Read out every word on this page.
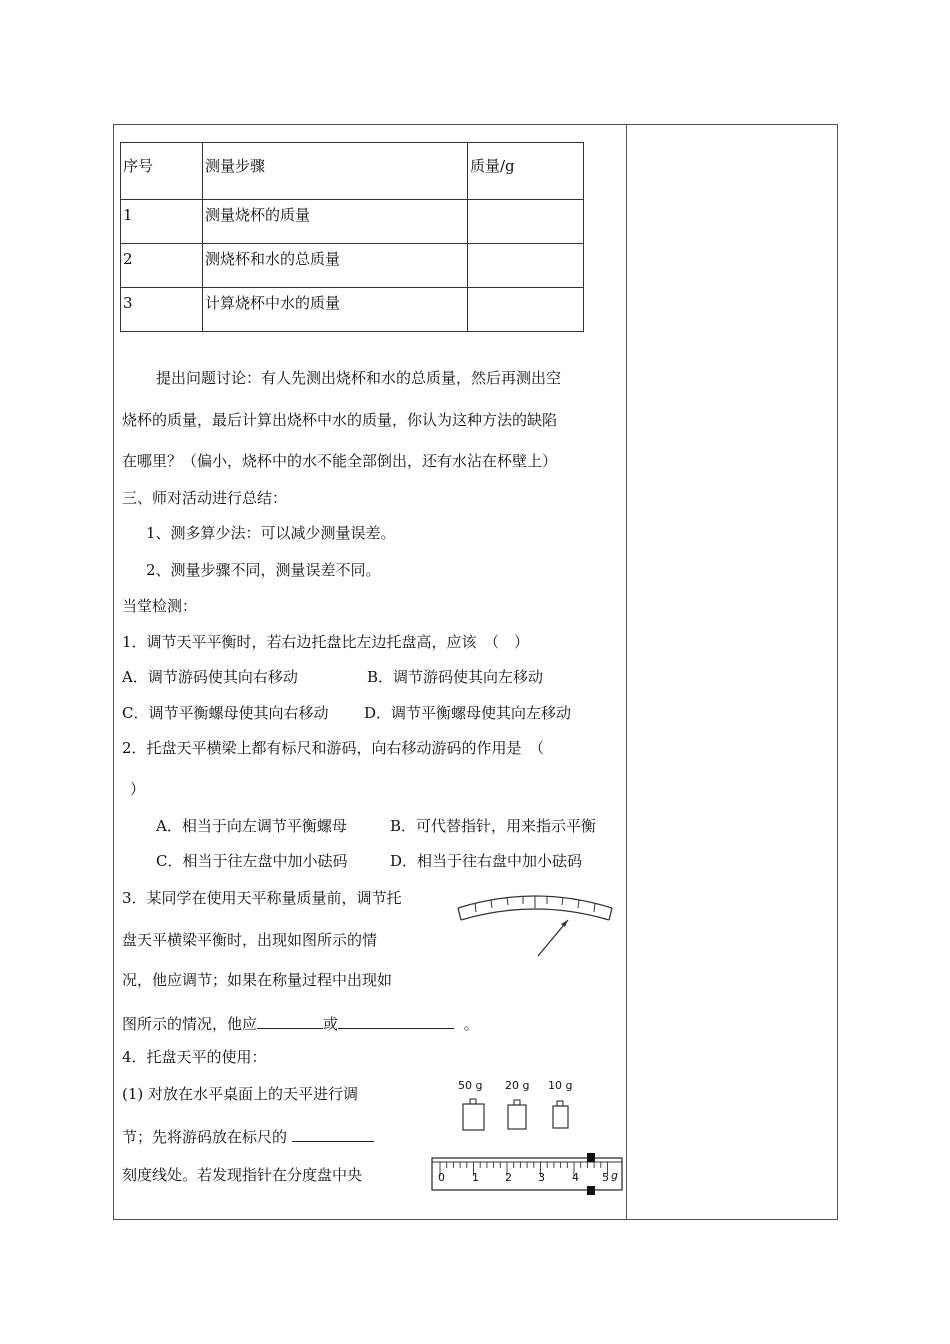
序号	测量步骤	质量/g
1	测量烧杯的质量	
2	测烧杯和水的总质量	
3	计算烧杯中水的质量	
提出问题讨论：有人先测出烧杯和水的总质量，然后再测出空
烧杯的质量，最后计算出烧杯中水的质量，你认为这种方法的缺陷
在哪里？（偏小，烧杯中的水不能全部倒出，还有水沾在杯壁上）
三、师对活动进行总结：
1、测多算少法：可以减少测量误差。
2、测量步骤不同，测量误差不同。
当堂检测：
1．调节天平平衡时，若右边托盘比左边托盘高，应该　（　）
A．调节游码使其向右移动	B．调节游码使其向左移动
C．调节平衡螺母使其向右移动 D．调节平衡螺母使其向左移动
2．托盘天平横梁上都有标尺和游码，向右移动游码的作用是　（
）
A．相当于向左调节平衡螺母	B．可代替指针，用来指示平衡
C．相当于往左盘中加小砝码	D．相当于往右盘中加小砝码
3．某同学在使用天平称量质量前，调节托
盘天平横梁平衡时，出现如图所示的情
况，他应调节；如果在称量过程中出现如
图所示的情况，他应	或	。
4．托盘天平的使用：
(1) 对放在水平桌面上的天平进行调
节；先将游码放在标尺的
刻度线处。若发现指针在分度盘中央
50 g 20 g 10 g
0 1 2 3 4 5 g
